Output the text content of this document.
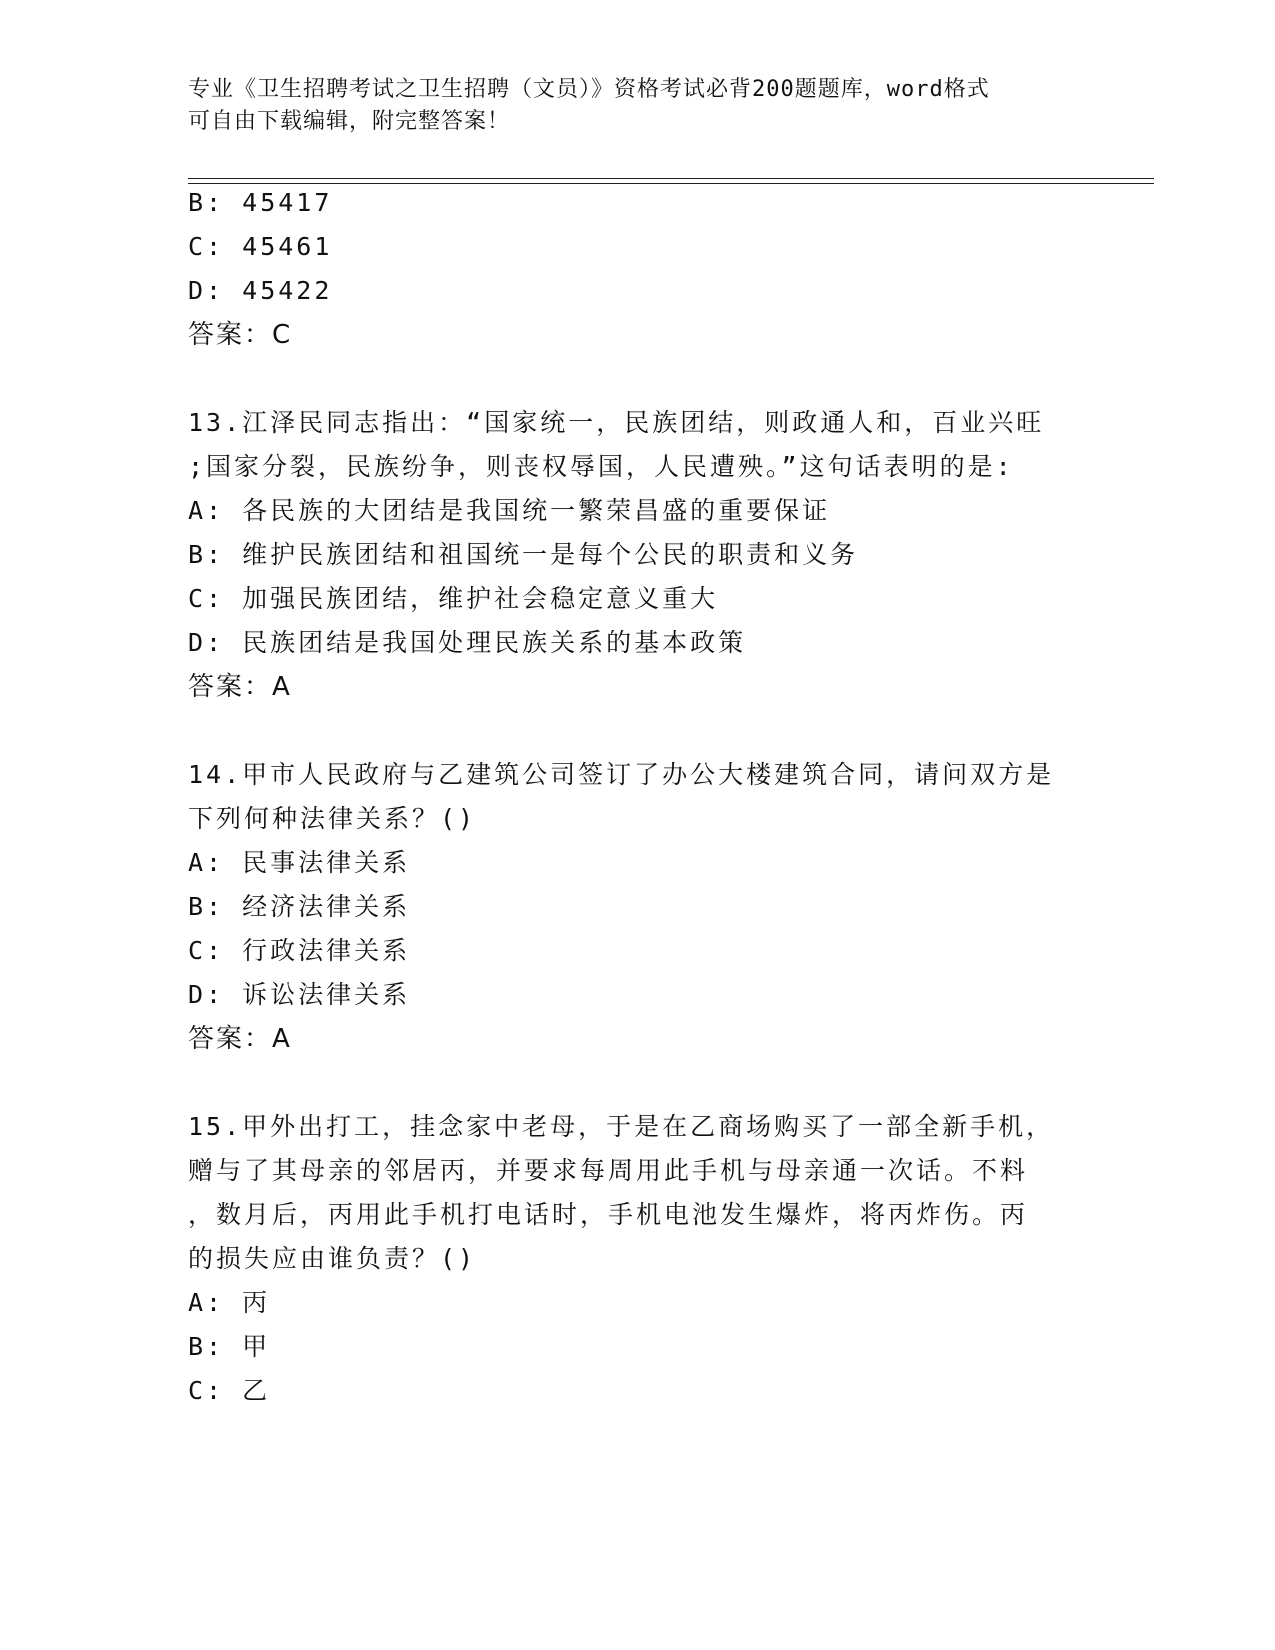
专业《卫生招聘考试之卫生招聘（文员）》资格考试必背200题题库，word格式
可自由下载编辑，附完整答案！
B: 45417
C: 45461
D: 45422
答案：C
13.江泽民同志指出：“国家统一，民族团结，则政通人和，百业兴旺
;国家分裂，民族纷争，则丧权辱国，人民遭殃。”这句话表明的是:
A: 各民族的大团结是我国统一繁荣昌盛的重要保证
B: 维护民族团结和祖国统一是每个公民的职责和义务
C: 加强民族团结，维护社会稳定意义重大
D: 民族团结是我国处理民族关系的基本政策
答案：A
14.甲市人民政府与乙建筑公司签订了办公大楼建筑合同，请问双方是
下列何种法律关系？()
A: 民事法律关系
B: 经济法律关系
C: 行政法律关系
D: 诉讼法律关系
答案：A
15.甲外出打工，挂念家中老母，于是在乙商场购买了一部全新手机，
赠与了其母亲的邻居丙，并要求每周用此手机与母亲通一次话。不料
，数月后，丙用此手机打电话时，手机电池发生爆炸，将丙炸伤。丙
的损失应由谁负责？()
A: 丙
B: 甲
C: 乙
